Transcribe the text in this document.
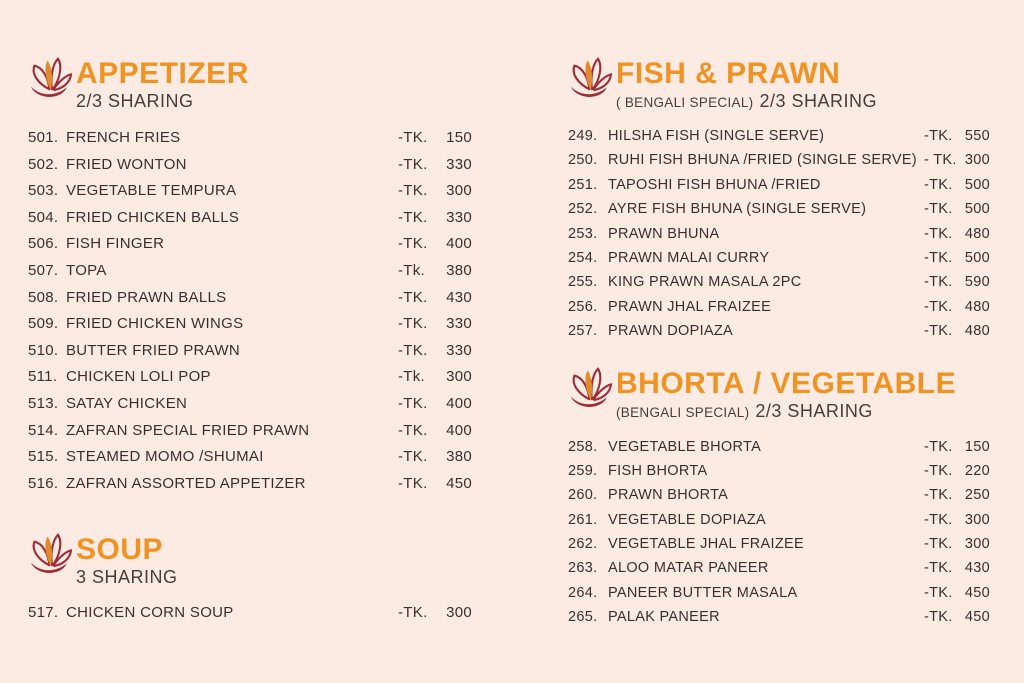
APPETIZER
2/3 SHARING
501. FRENCH FRIES	-TK. 150
502. FRIED WONTON	-TK. 330
503. VEGETABLE TEMPURA	-TK. 300
504. FRIED CHICKEN BALLS	-TK. 330
506. FISH FINGER	-TK. 400
507. TOPA	-Tk. 380
508. FRIED PRAWN BALLS	-TK. 430
509. FRIED CHICKEN WINGS	-TK. 330
510. BUTTER FRIED PRAWN	-TK. 330
511. CHICKEN LOLI POP	-Tk. 300
513. SATAY CHICKEN	-TK. 400
514. ZAFRAN SPECIAL FRIED PRAWN	-TK. 400
515. STEAMED MOMO /SHUMAI	-TK. 380
516. ZAFRAN ASSORTED APPETIZER	-TK. 450
SOUP
3 SHARING
517. CHICKEN CORN SOUP	-TK. 300
FISH & PRAWN
( BENGALI SPECIAL) 2/3 SHARING
249. HILSHA FISH (SINGLE SERVE)	-TK. 550
250. RUHI FISH BHUNA /FRIED (SINGLE SERVE) - TK. 300
251. TAPOSHI FISH BHUNA /FRIED	-TK. 500
252. AYRE FISH BHUNA (SINGLE SERVE)	-TK. 500
253. PRAWN BHUNA	-TK. 480
254. PRAWN MALAI CURRY	-TK. 500
255. KING PRAWN MASALA 2PC	-TK. 590
256. PRAWN JHAL FRAIZEE	-TK. 480
257. PRAWN DOPIAZA	-TK. 480
BHORTA / VEGETABLE
(BENGALI SPECIAL) 2/3 SHARING
258. VEGETABLE BHORTA	-TK. 150
259. FISH BHORTA	-TK. 220
260. PRAWN BHORTA	-TK. 250
261. VEGETABLE DOPIAZA	-TK. 300
262. VEGETABLE JHAL FRAIZEE	-TK. 300
263. ALOO MATAR PANEER	-TK. 430
264. PANEER BUTTER MASALA	-TK. 450
265. PALAK PANEER	-TK. 450
